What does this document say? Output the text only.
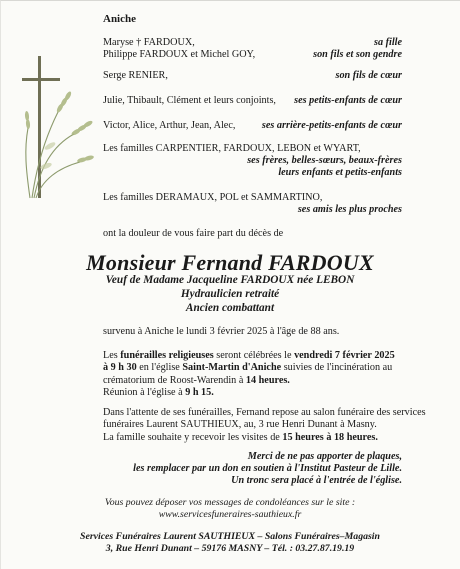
Aniche
Maryse † FARDOUX,
Philippe FARDOUX et Michel GOY,
sa fille
son fils et son gendre
Serge RENIER,	son fils de cœur
Julie, Thibault, Clément et leurs conjoints, ses petits-enfants de cœur
Victor, Alice, Arthur, Jean, Alec,	ses arrière-petits-enfants de cœur
Les familles CARPENTIER, FARDOUX, LEBON et WYART,
ses frères, belles-sœurs, beaux-frères
leurs enfants et petits-enfants
Les familles DERAMAUX, POL et SAMMARTINO,
ses amis les plus proches
ont la douleur de vous faire part du décès de
Monsieur Fernand FARDOUX
Veuf de Madame Jacqueline FARDOUX née LEBON
Hydraulicien retraité
Ancien combattant
survenu à Aniche le lundi 3 février 2025 à l'âge de 88 ans.

Les funérailles religieuses seront célébrées le vendredi 7 février 2025

à 9 h 30 en l'église Saint-Martin d'Aniche suivies de l'incinération au

crématorium de Roost-Warendin à 14 heures.

Réunion à l'église à 9 h 15.

Dans l'attente de ses funérailles, Fernand repose au salon funéraire des services

funéraires Laurent SAUTHIEUX, au, 3 rue Henri Dunant à Masny.

La famille souhaite y recevoir les visites de 15 heures à 18 heures.

Merci de ne pas apporter de plaques,
les remplacer par un don en soutien à l'Institut Pasteur de Lille.
Un tronc sera placé à l'entrée de l'église.
Vous pouvez déposer vos messages de condoléances sur le site :
www.servicesfuneraires-sauthieux.fr
Services Funéraires Laurent SAUTHIEUX – Salons Funéraires–Magasin
3, Rue Henri Dunant – 59176 MASNY – Tél. : 03.27.87.19.19
